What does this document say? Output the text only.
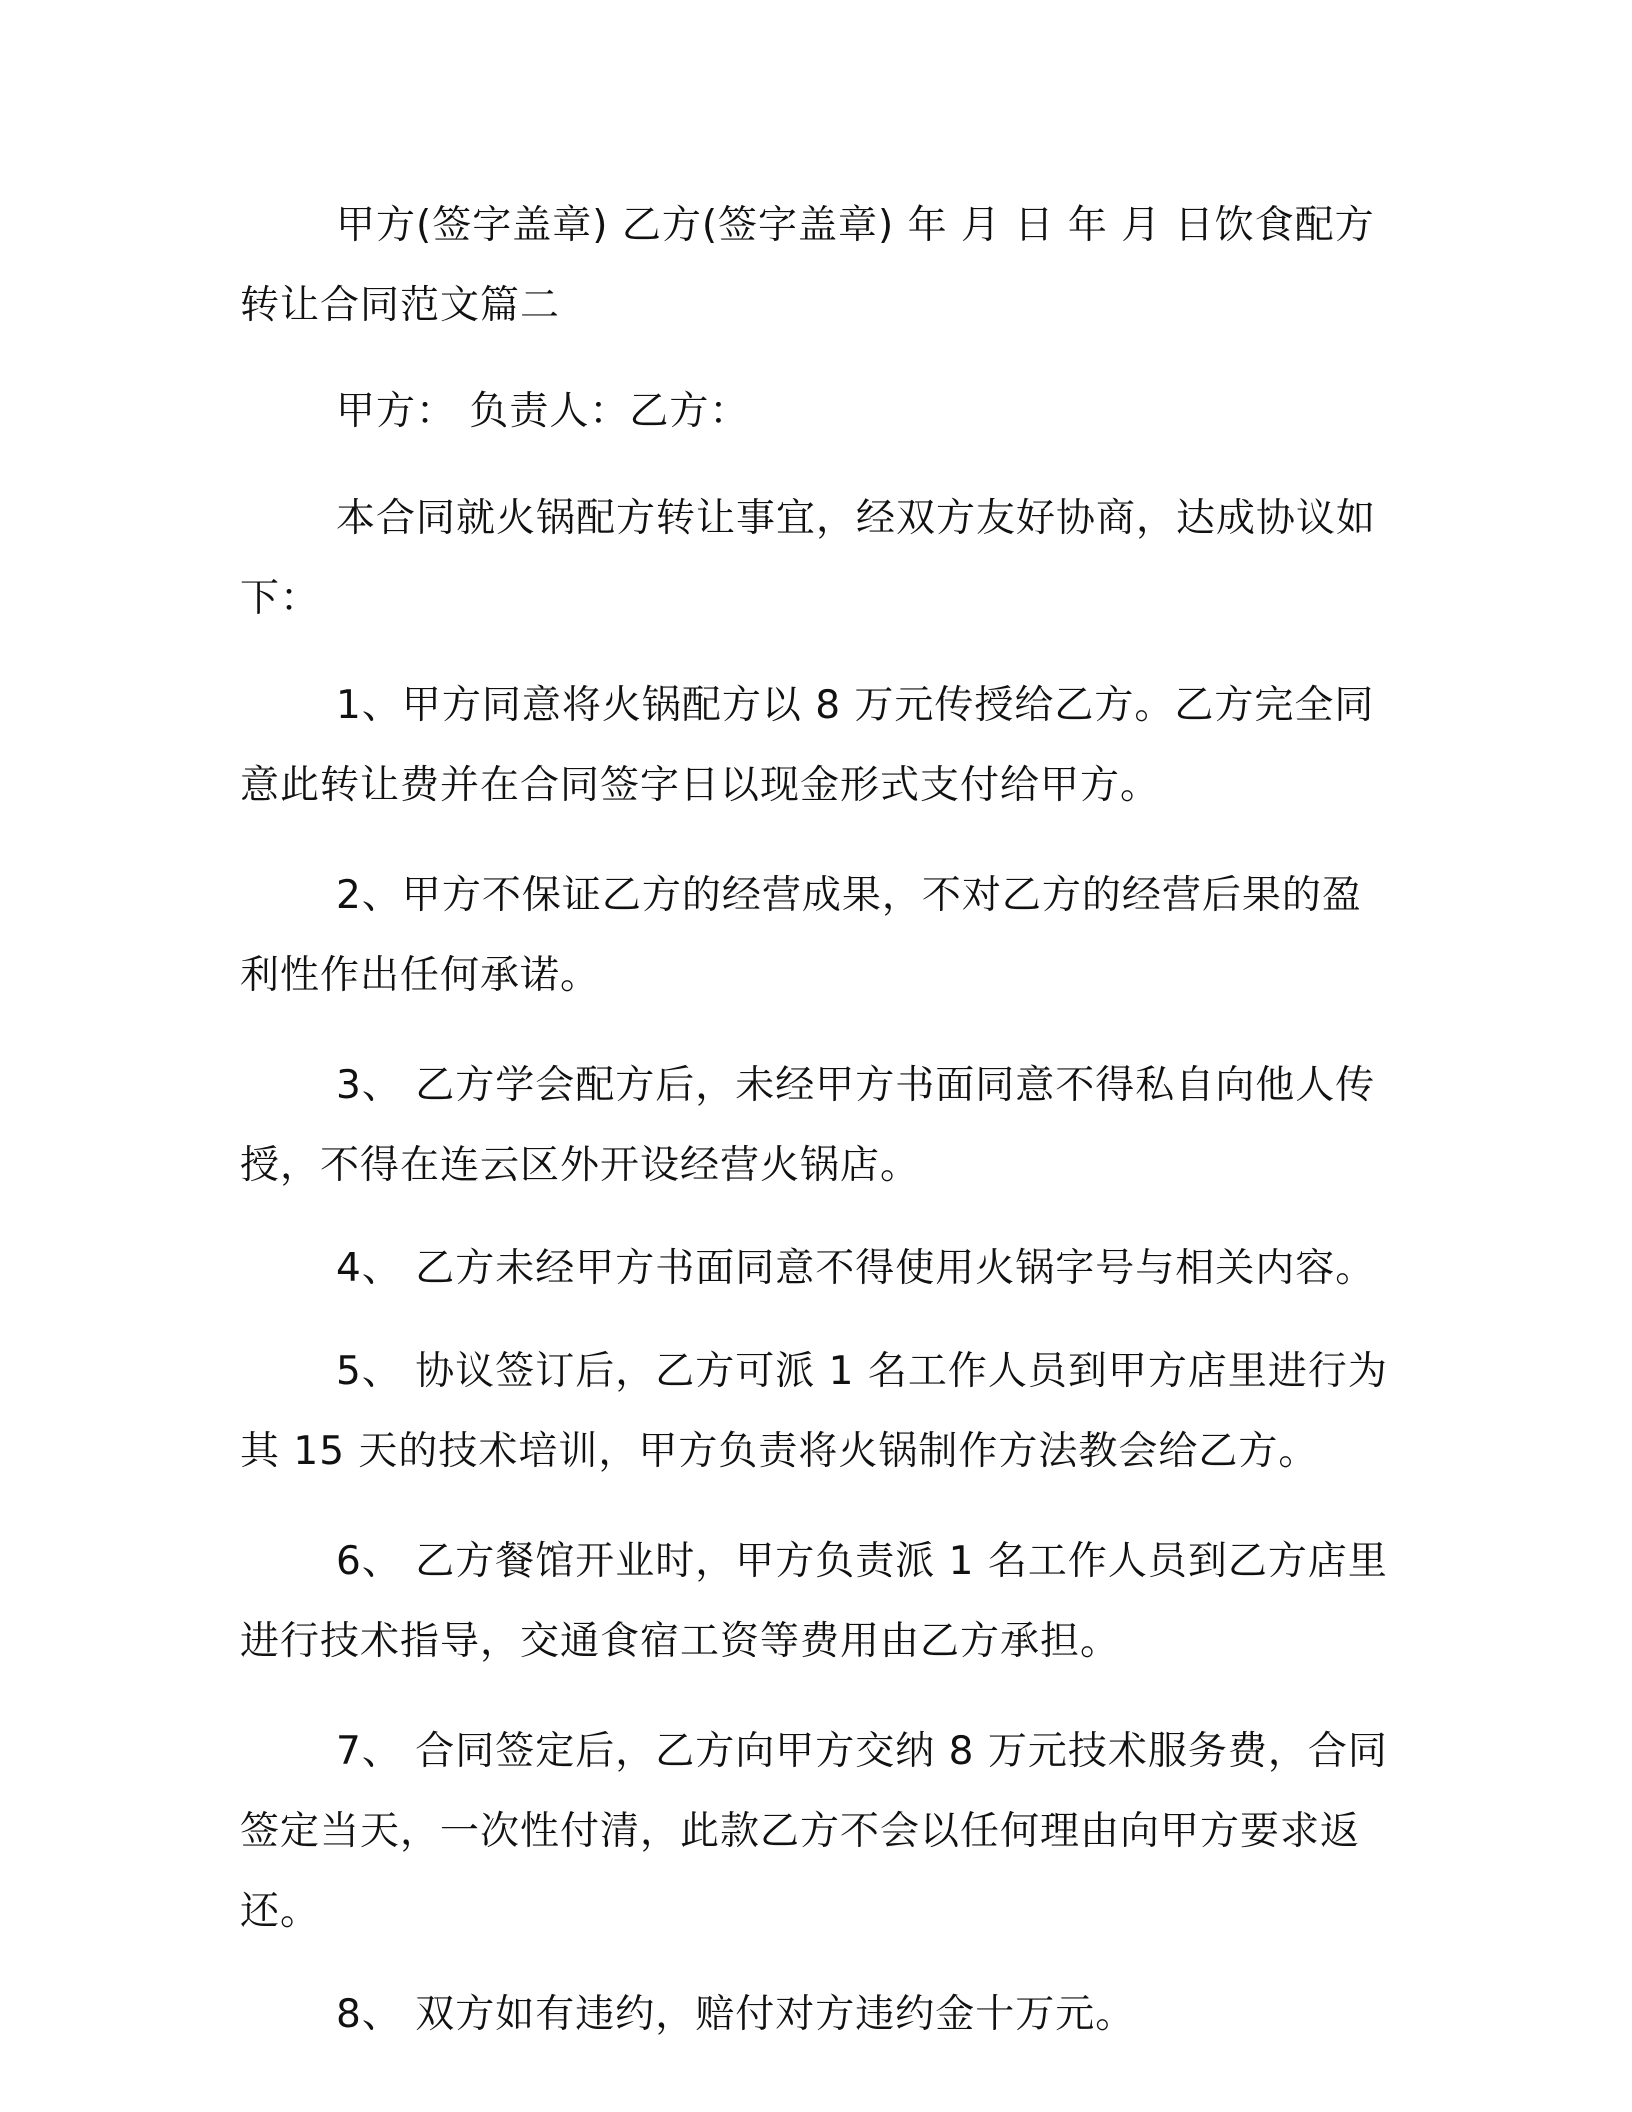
甲方(签字盖章) 乙方(签字盖章) 年 月 日 年 月 日饮食配方转让合同范文篇二

甲方： 负责人：乙方：

本合同就火锅配方转让事宜，经双方友好协商，达成协议如下：

1、甲方同意将火锅配方以 8 万元传授给乙方。乙方完全同意此转让费并在合同签字日以现金形式支付给甲方。

2、甲方不保证乙方的经营成果，不对乙方的经营后果的盈利性作出任何承诺。

3、 乙方学会配方后，未经甲方书面同意不得私自向他人传授，不得在连云区外开设经营火锅店。

4、 乙方未经甲方书面同意不得使用火锅字号与相关内容。

5、 协议签订后，乙方可派 1 名工作人员到甲方店里进行为其 15 天的技术培训，甲方负责将火锅制作方法教会给乙方。

6、 乙方餐馆开业时，甲方负责派 1 名工作人员到乙方店里进行技术指导，交通食宿工资等费用由乙方承担。

7、 合同签定后，乙方向甲方交纳 8 万元技术服务费，合同签定当天，一次性付清，此款乙方不会以任何理由向甲方要求返还。

8、 双方如有违约，赔付对方违约金十万元。
